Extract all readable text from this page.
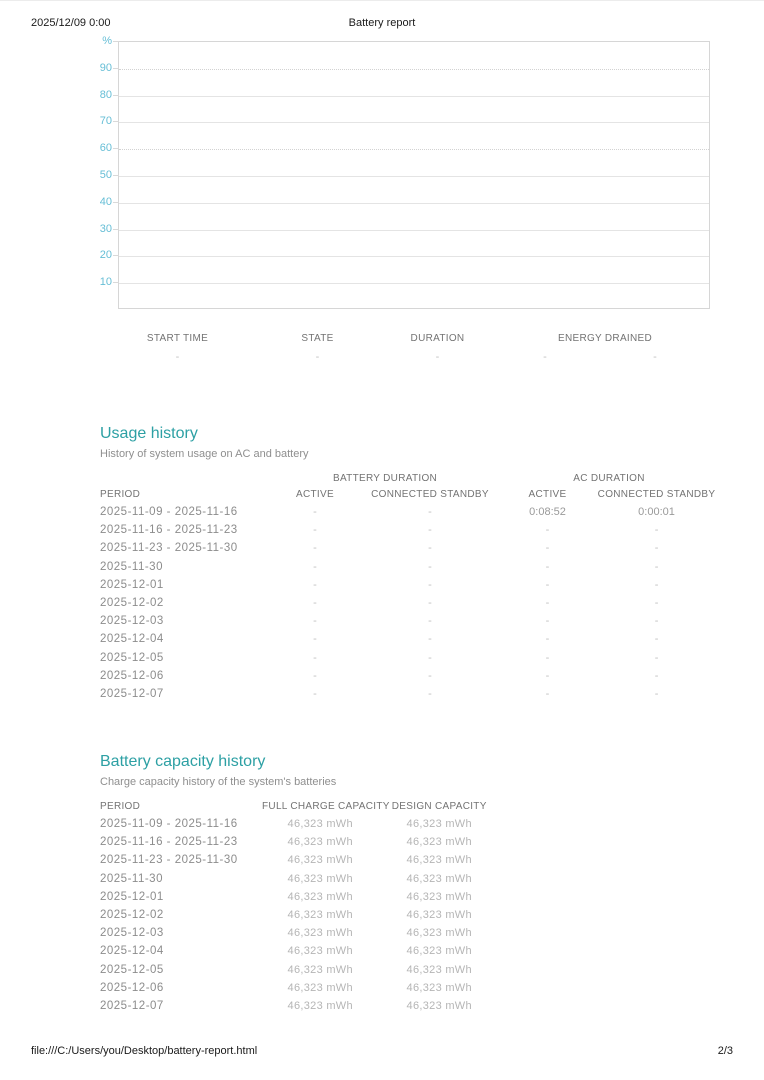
2025/12/09 0:00	Battery report
%
90
80
70
60
50
40
30
20
10
START TIME	STATE	DURATION	ENERGY DRAINED	
-	-	-	-	-
Usage history
History of system usage on AC and battery
	BATTERY DURATION		AC DURATION	
PERIOD	ACTIVE	CONNECTED STANDBY	ACTIVE	CONNECTED STANDBY
2025-11-09 - 2025-11-16	-	-	0:08:52	0:00:01
2025-11-16 - 2025-11-23	-	-	-	-
2025-11-23 - 2025-11-30	-	-	-	-
2025-11-30	-	-	-	-
2025-12-01	-	-	-	-
2025-12-02	-	-	-	-
2025-12-03	-	-	-	-
2025-12-04	-	-	-	-
2025-12-05	-	-	-	-
2025-12-06	-	-	-	-
2025-12-07	-	-	-	-
Battery capacity history
Charge capacity history of the system's batteries
PERIOD	FULL CHARGE CAPACITY	DESIGN CAPACITY
2025-11-09 - 2025-11-16	46,323 mWh	46,323 mWh
2025-11-16 - 2025-11-23	46,323 mWh	46,323 mWh
2025-11-23 - 2025-11-30	46,323 mWh	46,323 mWh
2025-11-30	46,323 mWh	46,323 mWh
2025-12-01	46,323 mWh	46,323 mWh
2025-12-02	46,323 mWh	46,323 mWh
2025-12-03	46,323 mWh	46,323 mWh
2025-12-04	46,323 mWh	46,323 mWh
2025-12-05	46,323 mWh	46,323 mWh
2025-12-06	46,323 mWh	46,323 mWh
2025-12-07	46,323 mWh	46,323 mWh
file:///C:/Users/you/Desktop/battery-report.html	2/3
